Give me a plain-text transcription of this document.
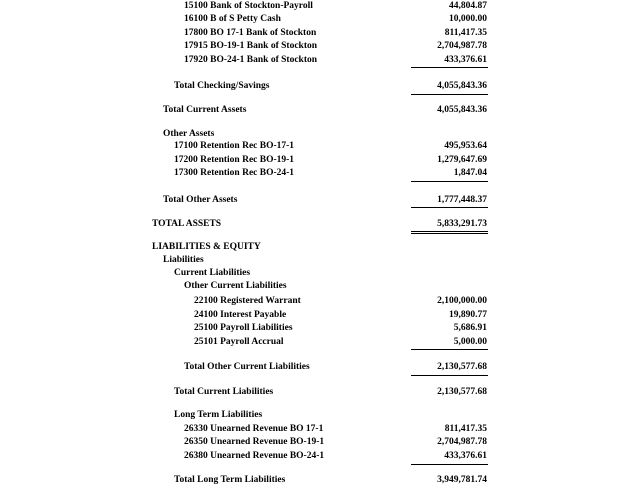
15100 Bank of Stockton-Payroll	44,804.87
16100 B of S Petty Cash	10,000.00
17800 BO 17-1 Bank of Stockton	811,417.35
17915 BO-19-1 Bank of Stockton	2,704,987.78
17920 BO-24-1 Bank of Stockton	433,376.61
Total Checking/Savings	4,055,843.36
Total Current Assets	4,055,843.36
Other Assets
17100 Retention Rec BO-17-1	495,953.64
17200 Retention Rec BO-19-1	1,279,647.69
17300 Retention Rec BO-24-1	1,847.04
Total Other Assets	1,777,448.37
TOTAL ASSETS	5,833,291.73
LIABILITIES & EQUITY
Liabilities
Current Liabilities
Other Current Liabilities
22100 Registered Warrant	2,100,000.00
24100 Interest Payable	19,890.77
25100 Payroll Liabilities	5,686.91
25101 Payroll Accrual	5,000.00
Total Other Current Liabilities	2,130,577.68
Total Current Liabilities	2,130,577.68
Long Term Liabilities
26330 Unearned Revenue BO 17-1	811,417.35
26350 Unearned Revenue BO-19-1	2,704,987.78
26380 Unearned Revenue BO-24-1	433,376.61
Total Long Term Liabilities	3,949,781.74
